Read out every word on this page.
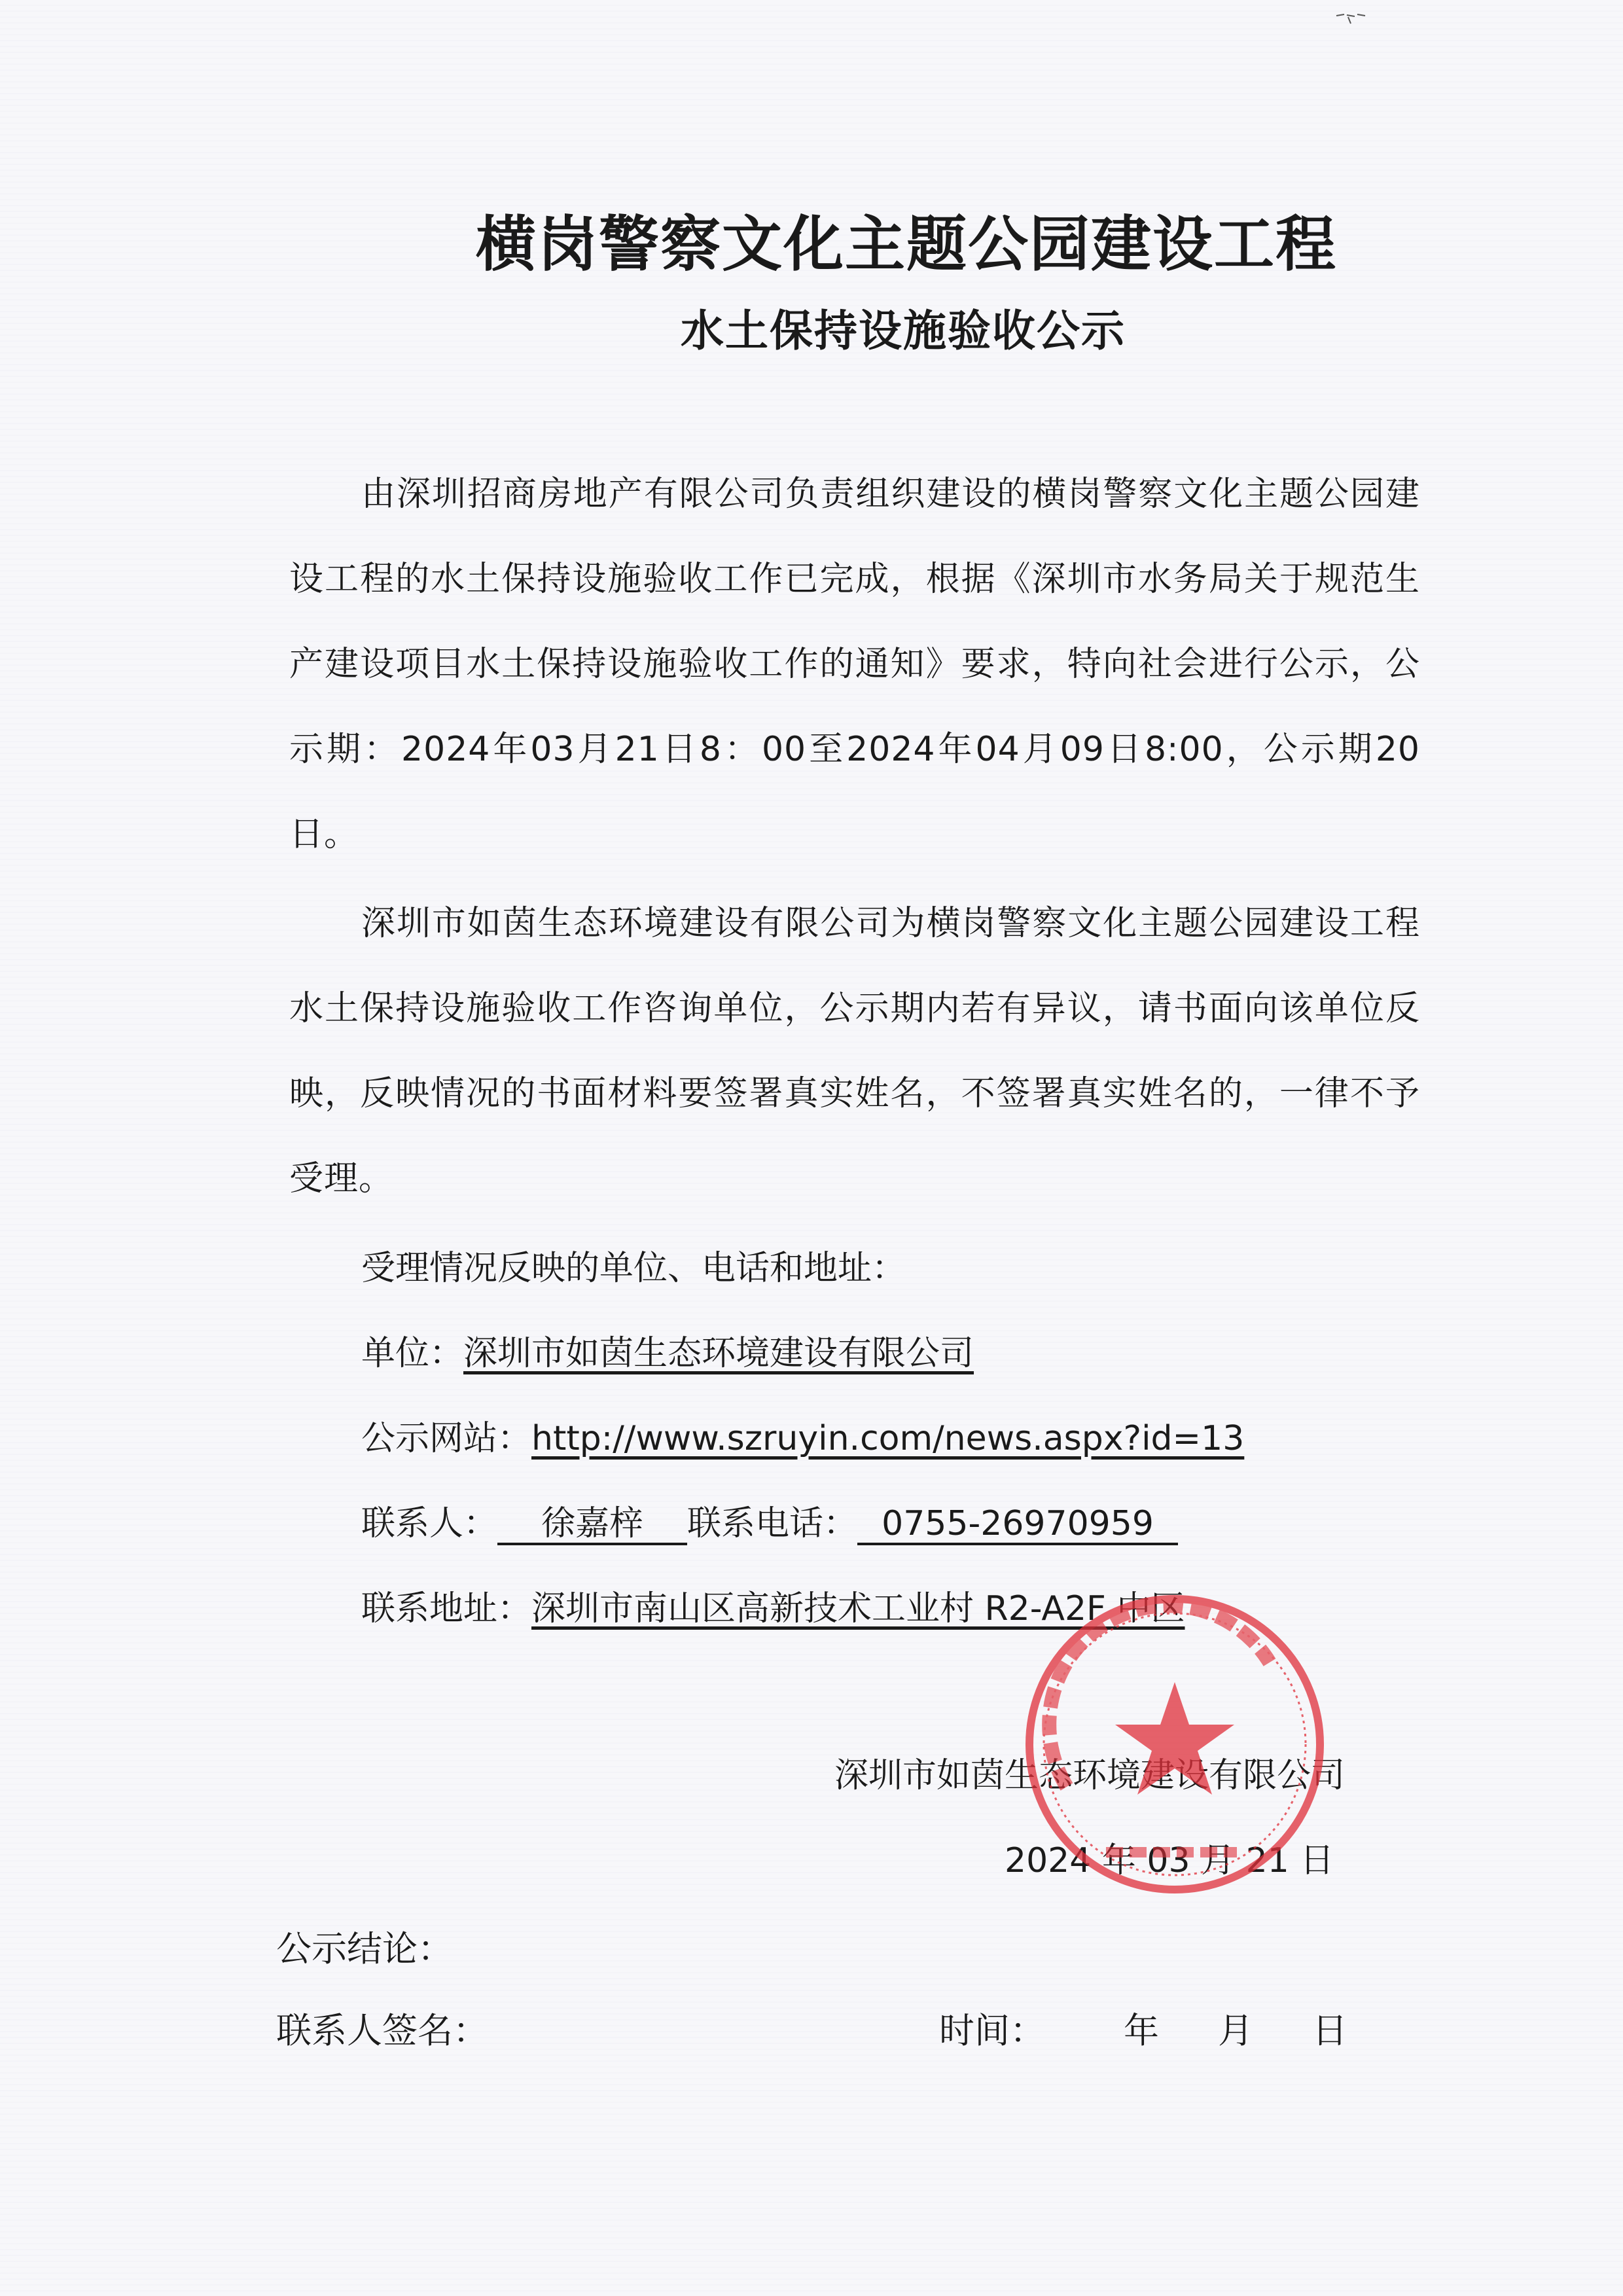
横岗警察文化主题公园建设工程
水土保持设施验收公示

由深圳招商房地产有限公司负责组织建设的横岗警察文化主题公园建设工程的水土保持设施验收工作已完成，根据《深圳市水务局关于规范生产建设项目水土保持设施验收工作的通知》要求，特向社会进行公示，公示期：2024年03月21日8：00至2024年04月09日8:00，公示期20日。

深圳市如茵生态环境建设有限公司为横岗警察文化主题公园建设工程水土保持设施验收工作咨询单位，公示期内若有异议，请书面向该单位反映，反映情况的书面材料要签署真实姓名，不签署真实姓名的，一律不予受理。

受理情况反映的单位、电话和地址：
单位：深圳市如茵生态环境建设有限公司
公示网站：http://www.szruyin.com/news.aspx?id=13
联系人： 徐嘉梓 联系电话： 0755-26970959
联系地址：深圳市南山区高新技术工业村 R2-A2F 中区
深圳市如茵生态环境建设有限公司
2024 年 03 月 21 日
公示结论：
联系人签名：	时间： 年 月 日
